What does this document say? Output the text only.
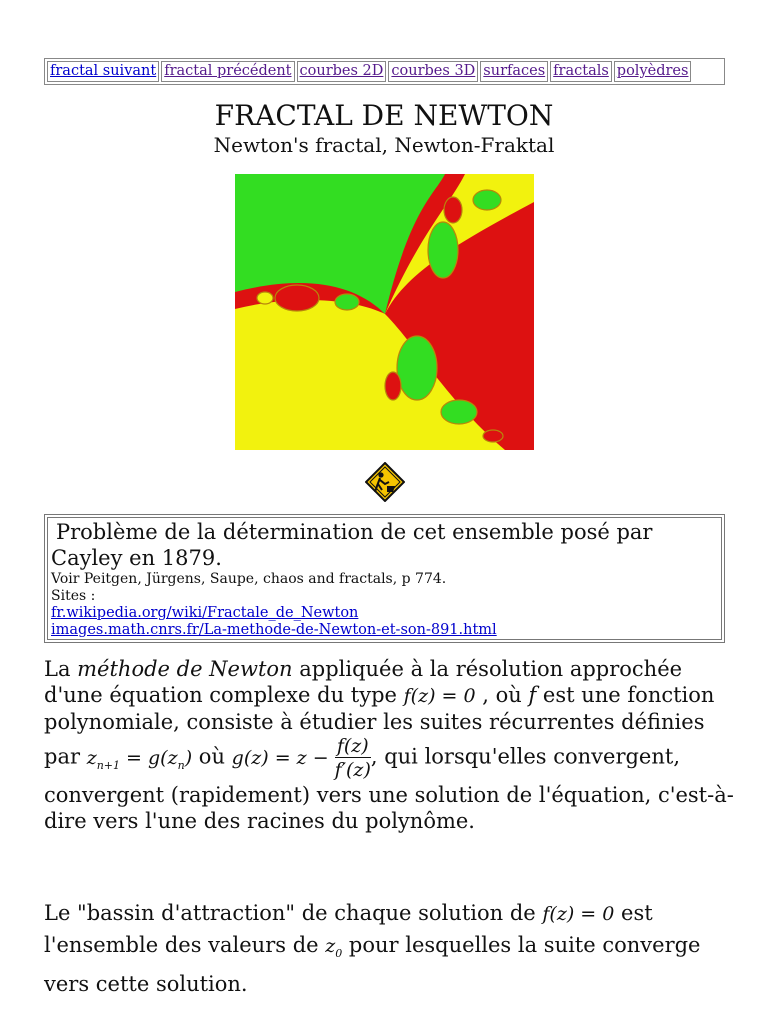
fractal suivant fractal précédent courbes 2D courbes 3D surfaces fractals polyèdres
FRACTAL DE NEWTON
Newton's fractal, Newton-Fraktal
Problème de la détermination de cet ensemble posé par Cayley en 1879.
Voir Peitgen, Jürgens, Saupe, chaos and fractals, p 774.
Sites :
fr.wikipedia.org/wiki/Fractale_de_Newton
images.math.cnrs.fr/La-methode-de-Newton-et-son-891.html
La méthode de Newton appliquée à la résolution approchée d'une équation complexe du type f(z) = 0 , où f est une fonction polynomiale, consiste à étudier les suites récurrentes définies par $z_{n+1} = g(z_n)$ où $g(z) = z - \frac{f(z)}{f'(z)}$ , qui lorsqu'elles convergent, convergent (rapidement) vers une solution de l'équation, c'est-à-dire vers l'une des racines du polynôme.
Le "bassin d'attraction" de chaque solution de f(z) = 0 est l'ensemble des valeurs de $z_0$ pour lesquelles la suite converge vers cette solution.
